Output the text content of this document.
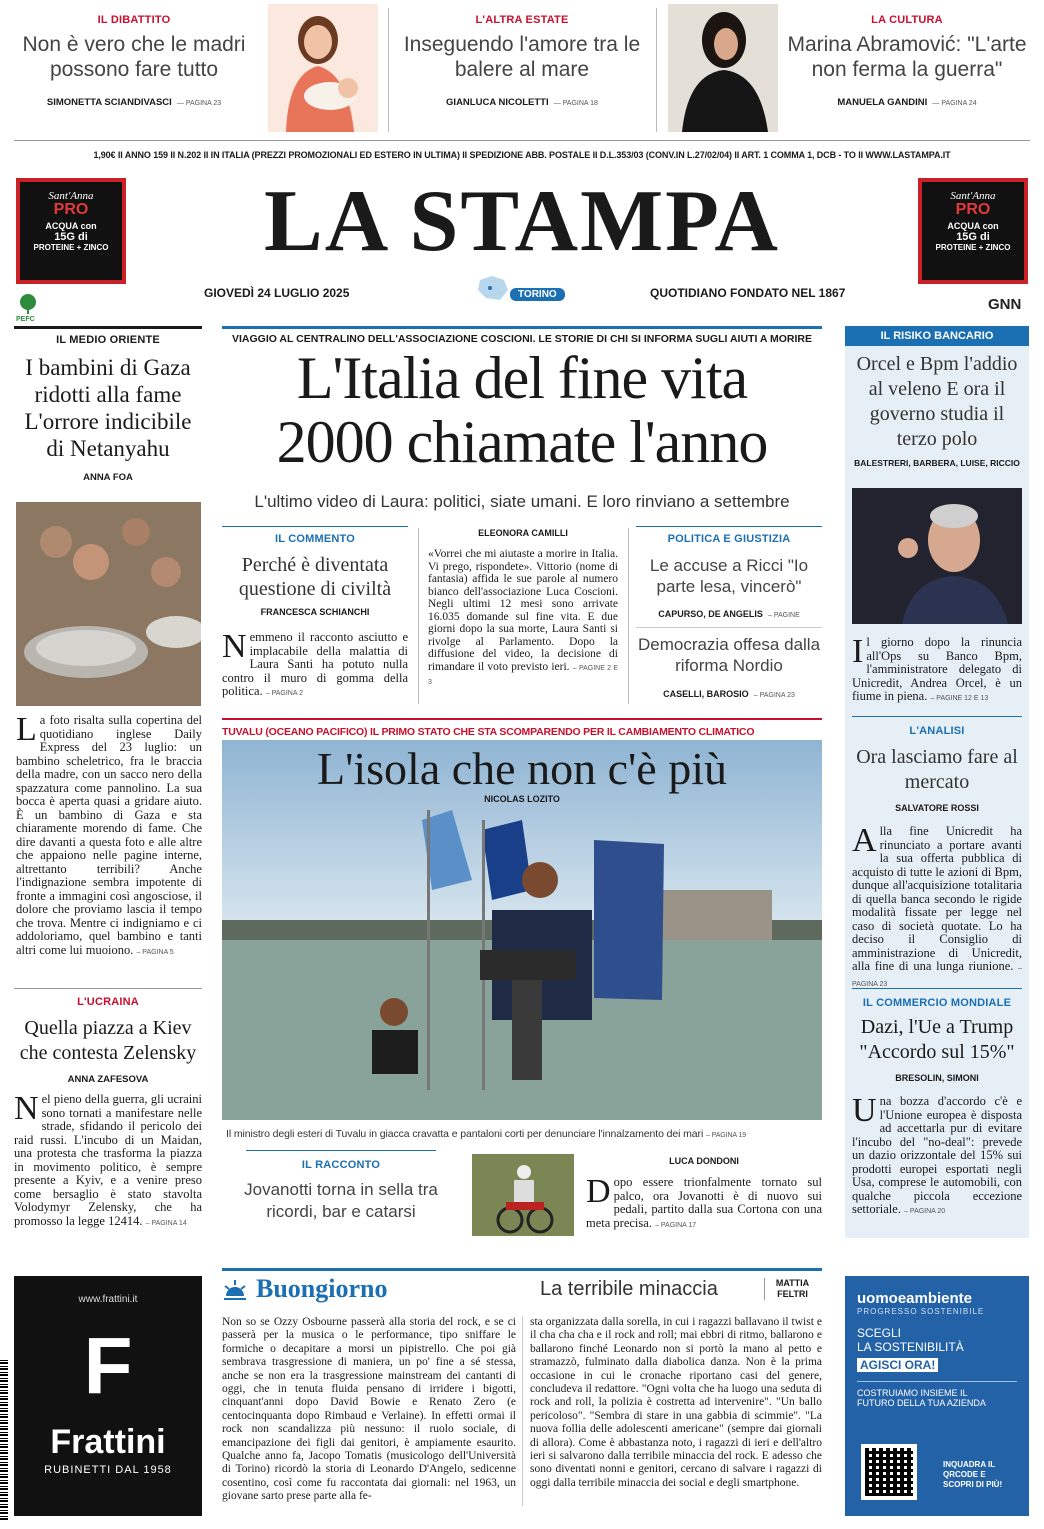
IL DIBATTITO
Non è vero che le madri possono fare tutto
SIMONETTA SCIANDIVASCI — PAGINA 23
L'ALTRA ESTATE
Inseguendo l'amore tra le balere al mare
GIANLUCA NICOLETTI — PAGINA 18
LA CULTURA
Marina Abramović: "L'arte non ferma la guerra"
MANUELA GANDINI — PAGINA 24
1,90€ II ANNO 159 II N.202 II IN ITALIA (PREZZI PROMOZIONALI ED ESTERO IN ULTIMA) II SPEDIZIONE ABB. POSTALE II D.L.353/03 (CONV.IN L.27/02/04) II ART. 1 COMMA 1, DCB - TO II WWW.LASTAMPA.IT
Sant'Anna
PRO
ACQUA con
15G di
PROTEINE + ZINCO
Sant'Anna
PRO
ACQUA con
15G di
PROTEINE + ZINCO
LA STAMPA
GIOVEDÌ 24 LUGLIO 2025	TORINO	QUOTIDIANO FONDATO NEL 1867
PEFC
GNN
IL MEDIO ORIENTE
I bambini di Gaza ridotti alla fame L'orrore indicibile di Netanyahu
ANNA FOA
La foto risalta sulla copertina del quotidiano inglese Daily Express del 23 luglio: un bambino scheletrico, fra le braccia della madre, con un sacco nero della spazzatura come pannolino. La sua bocca è aperta quasi a gridare aiuto. È un bambino di Gaza e sta chiaramente morendo di fame. Che dire davanti a questa foto e alle altre che appaiono nelle pagine interne, altrettanto terribili? Anche l'indignazione sembra impotente di fronte a immagini così angosciose, il dolore che proviamo lascia il tempo che trova. Mentre ci indigniamo e ci addoloriamo, quel bambino e tanti altri come lui muoiono. – PAGINA 5
L'UCRAINA
Quella piazza a Kiev che contesta Zelensky
ANNA ZAFESOVA
Nel pieno della guerra, gli ucraini sono tornati a manifestare nelle strade, sfidando il pericolo dei raid russi. L'incubo di un Maidan, una protesta che trasforma la piazza in movimento politico, è sempre presente a Kyiv, e a venire preso come bersaglio è stato stavolta Volodymyr Zelensky, che ha promosso la legge 12414. – PAGINA 14
VIAGGIO AL CENTRALINO DELL'ASSOCIAZIONE COSCIONI. LE STORIE DI CHI SI INFORMA SUGLI AIUTI A MORIRE
L'Italia del fine vita
2000 chiamate l'anno
L'ultimo video di Laura: politici, siate umani. E loro rinviano a settembre
IL COMMENTO
Perché è diventata questione di civiltà
FRANCESCA SCHIANCHI
Nemmeno il racconto asciutto e implacabile della malattia di Laura Santi ha potuto nulla contro il muro di gomma della politica. – PAGINA 2
ELEONORA CAMILLI
«Vorrei che mi aiutaste a morire in Italia. Vi prego, rispondete». Vittorio (nome di fantasia) affida le sue parole al numero bianco dell'associazione Luca Coscioni. Negli ultimi 12 mesi sono arrivate 16.035 domande sul fine vita. E due giorni dopo la sua morte, Laura Santi si rivolge al Parlamento. Dopo la diffusione del video, la decisione di rimandare il voto previsto ieri. – PAGINE 2 E 3
POLITICA E GIUSTIZIA
Le accuse a Ricci "Io parte lesa, vincerò"
CAPURSO, DE ANGELIS – PAGINE
Democrazia offesa dalla riforma Nordio
CASELLI, BAROSIO – PAGINA 23
TUVALU (OCEANO PACIFICO) IL PRIMO STATO CHE STA SCOMPARENDO PER IL CAMBIAMENTO CLIMATICO
L'isola che non c'è più
NICOLAS LOZITO
Il ministro degli esteri di Tuvalu in giacca cravatta e pantaloni corti per denunciare l'innalzamento dei mari – PAGINA 19
IL RACCONTO
Jovanotti torna in sella tra ricordi, bar e catarsi
LUCA DONDONI
Dopo essere trionfalmente tornato sul palco, ora Jovanotti è di nuovo sui pedali, partito dalla sua Cortona con una meta precisa. – PAGINA 17
IL RISIKO BANCARIO
Orcel e Bpm l'addio al veleno E ora il governo studia il terzo polo
BALESTRERI, BARBERA, LUISE, RICCIO
Il giorno dopo la rinuncia all'Ops su Banco Bpm, l'amministratore delegato di Unicredit, Andrea Orcel, è un fiume in piena. – PAGINE 12 E 13
L'ANALISI
Ora lasciamo fare al mercato
SALVATORE ROSSI
Alla fine Unicredit ha rinunciato a portare avanti la sua offerta pubblica di acquisto di tutte le azioni di Bpm, dunque all'acquisizione totalitaria di quella banca secondo le rigide modalità fissate per legge nel caso di società quotate. Lo ha deciso il Consiglio di amministrazione di Unicredit, alla fine di una lunga riunione. – PAGINA 23
IL COMMERCIO MONDIALE
Dazi, l'Ue a Trump "Accordo sul 15%"
BRESOLIN, SIMONI
Una bozza d'accordo c'è e l'Unione europea è disposta ad accettarla pur di evitare l'incubo del "no-deal": prevede un dazio orizzontale del 15% sui prodotti europei esportati negli Usa, comprese le automobili, con qualche piccola eccezione settoriale. – PAGINA 20
www.frattini.it
F
Frattini
RUBINETTI DAL 1958
Buongiorno	La terribile minaccia	MATTIA
FELTRI
Non so se Ozzy Osbourne passerà alla storia del rock, e se ci passerà per la musica o le performance, tipo sniffare le formiche o decapitare a morsi un pipistrello. Che poi già sembrava trasgressione di maniera, un po' fine a sé stessa, anche se non era la trasgressione mainstream dei cantanti di oggi, che in tenuta fluida pensano di irridere i bigotti, cinquant'anni dopo David Bowie e Renato Zero (e centocinquanta dopo Rimbaud e Verlaine). In effetti ormai il rock non scandalizza più nessuno: il ruolo sociale, di emancipazione dei figli dai genitori, è ampiamente esaurito. Qualche anno fa, Jacopo Tomatis (musicologo dell'Università di Torino) ricordò la storia di Leonardo D'Angelo, sedicenne cosentino, così come fu raccontata dai giornali: nel 1963, un giovane sarto prese parte alla fe-
sta organizzata dalla sorella, in cui i ragazzi ballavano il twist e il cha cha cha e il rock and roll; mai ebbri di ritmo, ballarono e ballarono finché Leonardo non si portò la mano al petto e stramazzò, fulminato dalla diabolica danza. Non è la prima occasione in cui le cronache riportano casi del genere, concludeva il redattore. "Ogni volta che ha luogo una seduta di rock and roll, la polizia è costretta ad intervenire". "Un ballo pericoloso". "Sembra di stare in una gabbia di scimmie". "La nuova follia delle adolescenti americane" (sempre dai giornali di allora). Come è abbastanza noto, i ragazzi di ieri e dell'altro ieri si salvarono dalla terribile minaccia del rock. E adesso che sono diventati nonni e genitori, cercano di salvare i ragazzi di oggi dalla terribile minaccia dei social e degli smartphone.
uomoeambiente
PROGRESSO SOSTENIBILE
SCEGLI
LA SOSTENIBILITÀ
AGISCI ORA!
COSTRUIAMO INSIEME IL
FUTURO DELLA TUA AZIENDA
INQUADRA IL
QRCODE E
SCOPRI DI PIÙ!
